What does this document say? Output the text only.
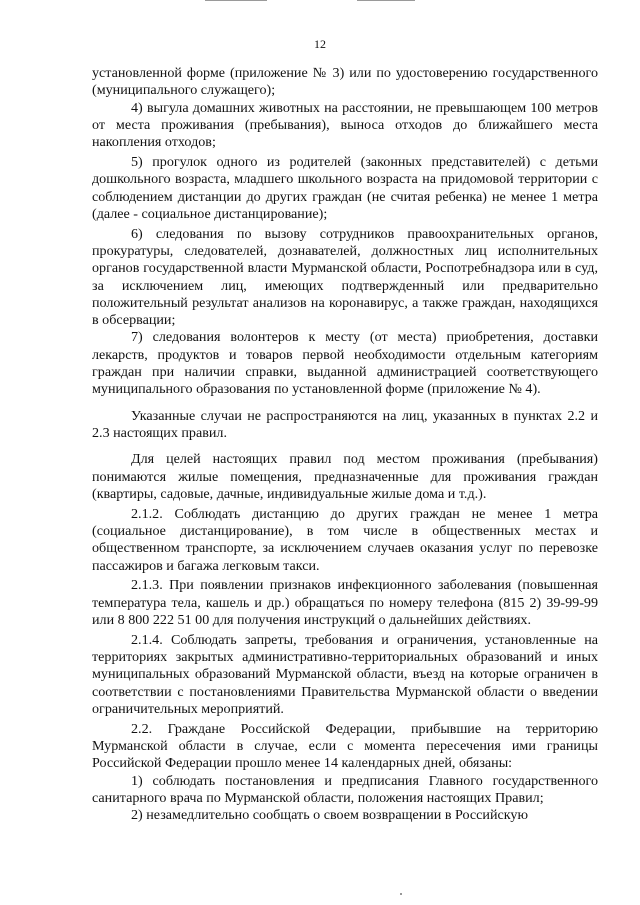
12

установленной форме (приложение № 3) или по удостоверению государственного (муниципального служащего);

4) выгула домашних животных на расстоянии, не превышающем 100 метров от места проживания (пребывания), выноса отходов до ближайшего места накопления отходов;

5) прогулок одного из родителей (законных представителей) с детьми дошкольного возраста, младшего школьного возраста на придомовой территории с соблюдением дистанции до других граждан (не считая ребенка) не менее 1 метра (далее - социальное дистанцирование);

6) следования по вызову сотрудников правоохранительных органов, прокуратуры, следователей, дознавателей, должностных лиц исполнительных органов государственной власти Мурманской области, Роспотребнадзора или в суд, за исключением лиц, имеющих подтвержденный или предварительно положительный результат анализов на коронавирус, а также граждан, находящихся в обсервации;

7) следования волонтеров к месту (от места) приобретения, доставки лекарств, продуктов и товаров первой необходимости отдельным категориям граждан при наличии справки, выданной администрацией соответствующего муниципального образования по установленной форме (приложение № 4).

Указанные случаи не распространяются на лиц, указанных в пунктах 2.2 и 2.3 настоящих правил.

Для целей настоящих правил под местом проживания (пребывания) понимаются жилые помещения, предназначенные для проживания граждан (квартиры, садовые, дачные, индивидуальные жилые дома и т.д.).

2.1.2. Соблюдать дистанцию до других граждан не менее 1 метра (социальное дистанцирование), в том числе в общественных местах и общественном транспорте, за исключением случаев оказания услуг по перевозке пассажиров и багажа легковым такси.

2.1.3. При появлении признаков инфекционного заболевания (повышенная температура тела, кашель и др.) обращаться по номеру телефона (815 2) 39-99-99 или 8 800 222 51 00 для получения инструкций о дальнейших действиях.

2.1.4. Соблюдать запреты, требования и ограничения, установленные на территориях закрытых административно-территориальных образований и иных муниципальных образований Мурманской области, въезд на которые ограничен в соответствии с постановлениями Правительства Мурманской области о введении ограничительных мероприятий.

2.2. Граждане Российской Федерации, прибывшие на территорию Мурманской области в случае, если с момента пересечения ими границы Российской Федерации прошло менее 14 календарных дней, обязаны:

1) соблюдать постановления и предписания Главного государственного санитарного врача по Мурманской области, положения настоящих Правил;

2) незамедлительно сообщать о своем возвращении в Российскую
